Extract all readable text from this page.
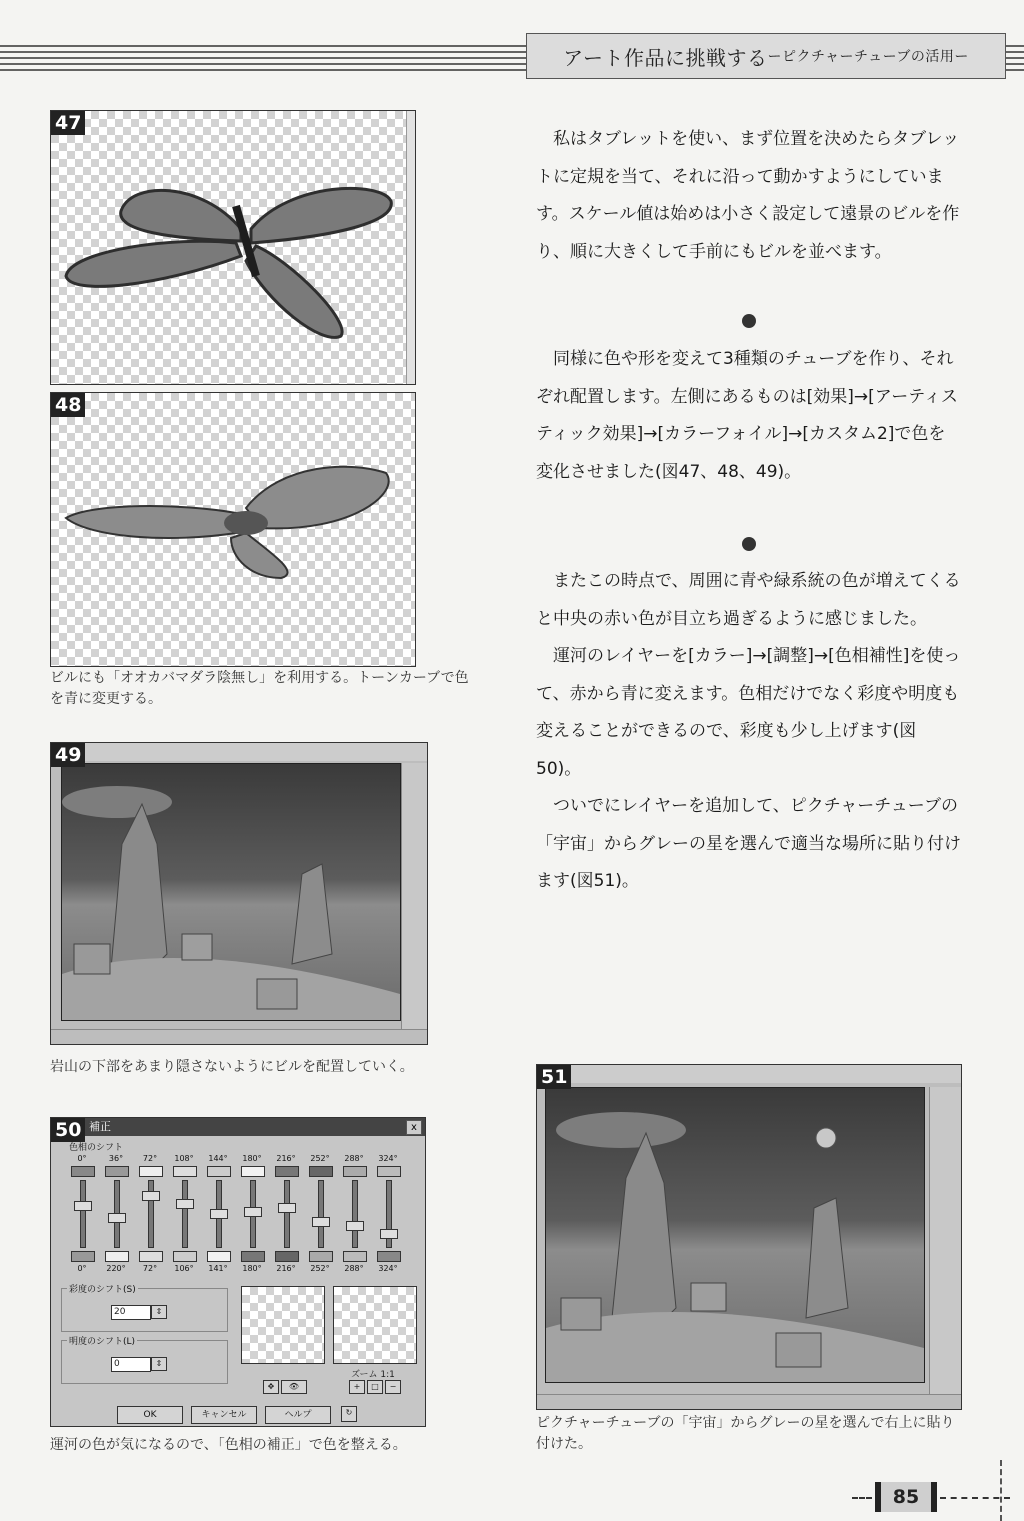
アート作品に挑戦する ーピクチャーチューブの活用ー
47
48
ビルにも「オオカバマダラ陰無し」を利用する。トーンカーブで色を青に変更する。
49
岩山の下部をあまり隠さないようにビルを配置していく。
補正	x
50
色相のシフト
0°	36°	72°	108°	144°	180°	216°	252°	288°	324°
0°	220°	72°	106°	141°	180°	216°	252°	288°	324°
彩度のシフト(S)
20	⇕
明度のシフト(L)
0	⇕
ズーム 1:1
✥	👁	+	□	−
OK	キャンセル	ヘルプ	↻
運河の色が気になるので、「色相の補正」で色を整える。

私はタブレットを使い、まず位置を決めたらタブレットに定規を当て、それに沿って動かすようにしています。スケール値は始めは小さく設定して遠景のビルを作り、順に大きくして手前にもビルを並べます。

同様に色や形を変えて3種類のチューブを作り、それぞれ配置します。左側にあるものは[効果]→[アーティスティック効果]→[カラーフォイル]→[カスタム2]で色を変化させました(図47、48、49)。

またこの時点で、周囲に青や緑系統の色が増えてくると中央の赤い色が目立ち過ぎるように感じました。

運河のレイヤーを[カラー]→[調整]→[色相補性]を使って、赤から青に変えます。色相だけでなく彩度や明度も変えることができるので、彩度も少し上げます(図50)。

ついでにレイヤーを追加して、ピクチャーチューブの「宇宙」からグレーの星を選んで適当な場所に貼り付けます(図51)。

51
ピクチャーチューブの「宇宙」からグレーの星を選んで右上に貼り付けた。
85
